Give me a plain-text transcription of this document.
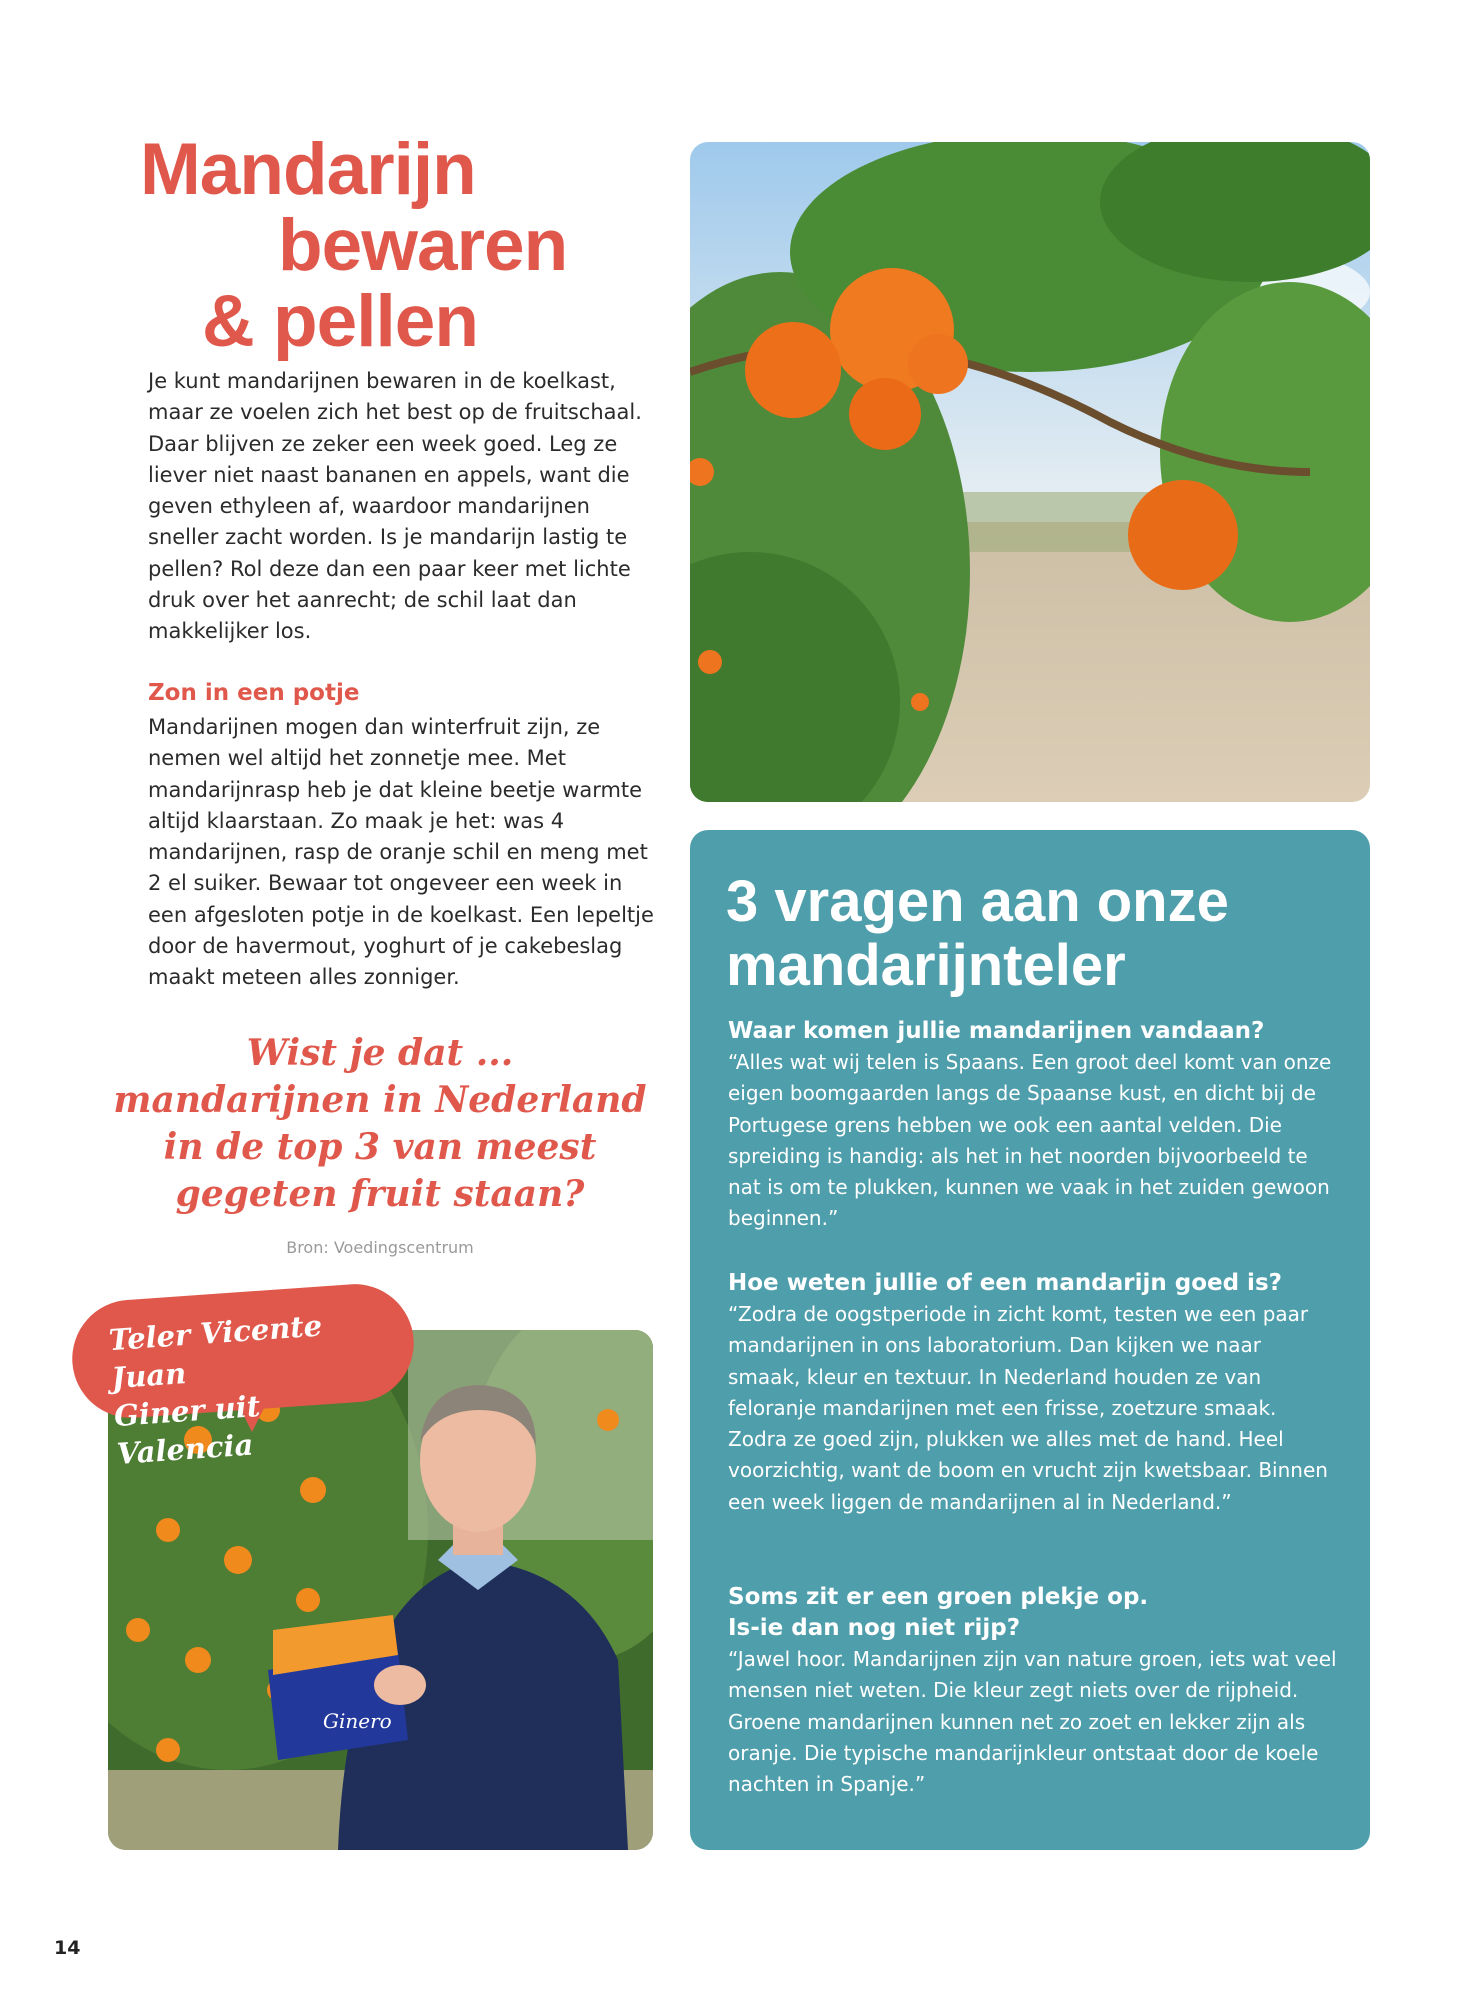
Mandarijn
bewaren
& pellen

Je kunt mandarijnen bewaren in de koelkast, maar ze voelen zich het best op de fruitschaal. Daar blijven ze zeker een week goed. Leg ze liever niet naast bananen en appels, want die geven ethyleen af, waardoor mandarijnen sneller zacht worden. Is je mandarijn lastig te pellen? Rol deze dan een paar keer met lichte druk over het aanrecht; de schil laat dan makkelijker los.

Zon in een potje

Mandarijnen mogen dan winterfruit zijn, ze nemen wel altijd het zonnetje mee. Met mandarijnrasp heb je dat kleine beetje warmte altijd klaarstaan. Zo maak je het: was 4 mandarijnen, rasp de oranje schil en meng met 2 el suiker. Bewaar tot ongeveer een week in een afgesloten potje in de koelkast. Een lepeltje door de havermout, yoghurt of je cakebeslag maakt meteen alles zonniger.

Wist je dat ...
mandarijnen in Nederland
in de top 3 van meest
gegeten fruit staan?
Bron: Voedingscentrum
Ginero
Teler Vicente Juan
Giner uit Valencia
3 vragen aan onze mandarijnteler
Waar komen jullie mandarijnen vandaan?
“Alles wat wij telen is Spaans. Een groot deel komt van onze eigen boomgaarden langs de Spaanse kust, en dicht bij de Portugese grens hebben we ook een aantal velden. Die spreiding is handig: als het in het noorden bijvoorbeeld te nat is om te plukken, kunnen we vaak in het zuiden gewoon beginnen.”
Hoe weten jullie of een mandarijn goed is?
“Zodra de oogstperiode in zicht komt, testen we een paar mandarijnen in ons laboratorium. Dan kijken we naar smaak, kleur en textuur. In Nederland houden ze van feloranje mandarijnen met een frisse, zoetzure smaak. Zodra ze goed zijn, plukken we alles met de hand. Heel voorzichtig, want de boom en vrucht zijn kwetsbaar. Binnen een week liggen de mandarijnen al in Nederland.”
Soms zit er een groen plekje op.
Is-ie dan nog niet rijp?
“Jawel hoor. Mandarijnen zijn van nature groen, iets wat veel mensen niet weten. Die kleur zegt niets over de rijpheid. Groene mandarijnen kunnen net zo zoet en lekker zijn als oranje. Die typische mandarijnkleur ontstaat door de koele nachten in Spanje.”
14
